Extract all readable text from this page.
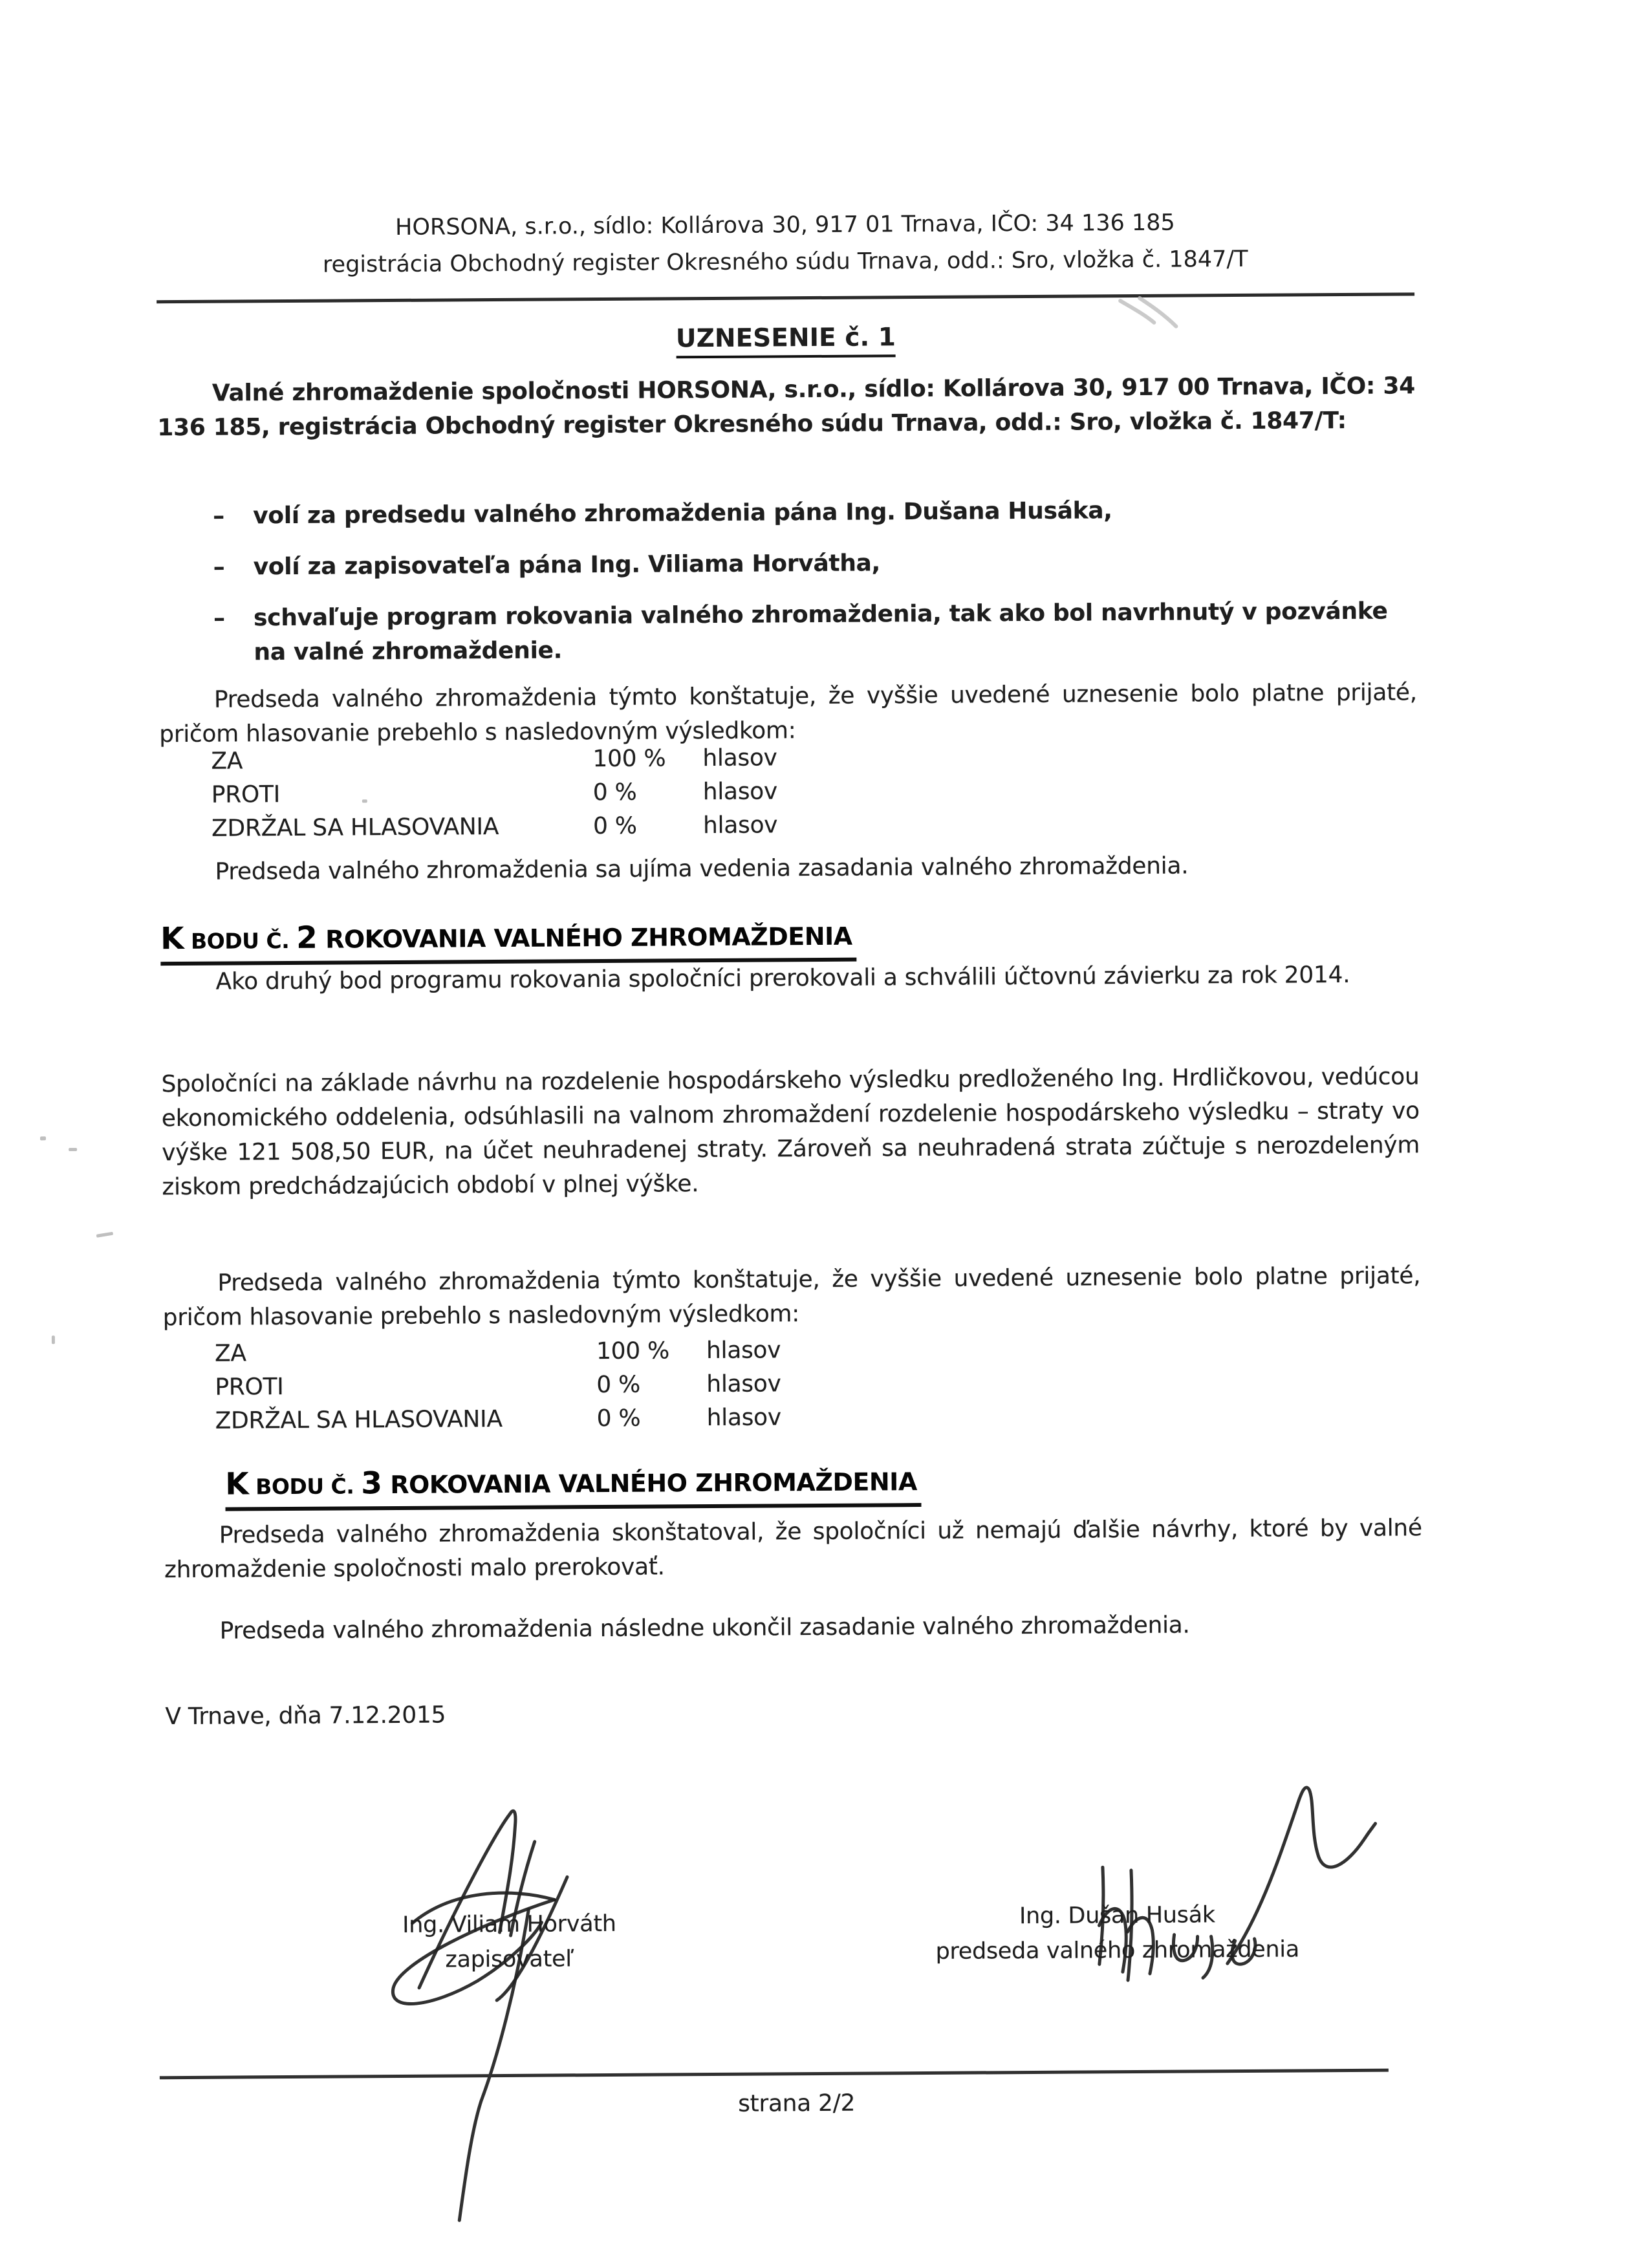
HORSONA, s.r.o., sídlo: Kollárova 30, 917 01 Trnava, IČO: 34 136 185
registrácia Obchodný register Okresného súdu Trnava, odd.: Sro, vložka č. 1847/T
UZNESENIE č. 1

Valné zhromaždenie spoločnosti HORSONA, s.r.o., sídlo: Kollárova 30, 917 00 Trnava, IČO: 34 136 185, registrácia Obchodný register Okresného súdu Trnava, odd.: Sro, vložka č. 1847/T:

–	volí za predsedu valného zhromaždenia pána Ing. Dušana Husáka,
–	volí za zapisovateľa pána Ing. Viliama Horvátha,
–	schvaľuje program rokovania valného zhromaždenia, tak ako bol navrhnutý v pozvánke na valné zhromaždenie.

Predseda valného zhromaždenia týmto konštatuje, že vyššie uvedené uznesenie bolo platne prijaté, pričom hlasovanie prebehlo s nasledovným výsledkom:

ZA	100 %	hlasov
PROTI	0 %	hlasov
ZDRŽAL SA HLASOVANIA	0 %	hlasov

Predseda valného zhromaždenia sa ujíma vedenia zasadania valného zhromaždenia.

K BODU Č. 2 ROKOVANIA VALNÉHO ZHROMAŽDENIA

Ako druhý bod programu rokovania spoločníci prerokovali a schválili účtovnú závierku za rok 2014.

Spoločníci na základe návrhu na rozdelenie hospodárskeho výsledku predloženého Ing. Hrdličkovou, vedúcou ekonomického oddelenia, odsúhlasili na valnom zhromaždení rozdelenie hospodárskeho výsledku – straty vo výške 121 508,50 EUR, na účet neuhradenej straty. Zároveň sa neuhradená strata zúčtuje s nerozdeleným ziskom predchádzajúcich období v plnej výške.

Predseda valného zhromaždenia týmto konštatuje, že vyššie uvedené uznesenie bolo platne prijaté, pričom hlasovanie prebehlo s nasledovným výsledkom:

ZA	100 %	hlasov
PROTI	0 %	hlasov
ZDRŽAL SA HLASOVANIA	0 %	hlasov
K BODU Č. 3 ROKOVANIA VALNÉHO ZHROMAŽDENIA

Predseda valného zhromaždenia skonštatoval, že spoločníci už nemajú ďalšie návrhy, ktoré by valné zhromaždenie spoločnosti malo prerokovať.

Predseda valného zhromaždenia následne ukončil zasadanie valného zhromaždenia.

V Trnave, dňa 7.12.2015

Ing. Viliam Horváth
zapisovateľ
Ing. Dušan Husák
predseda valného zhromaždenia

strana 2/2
